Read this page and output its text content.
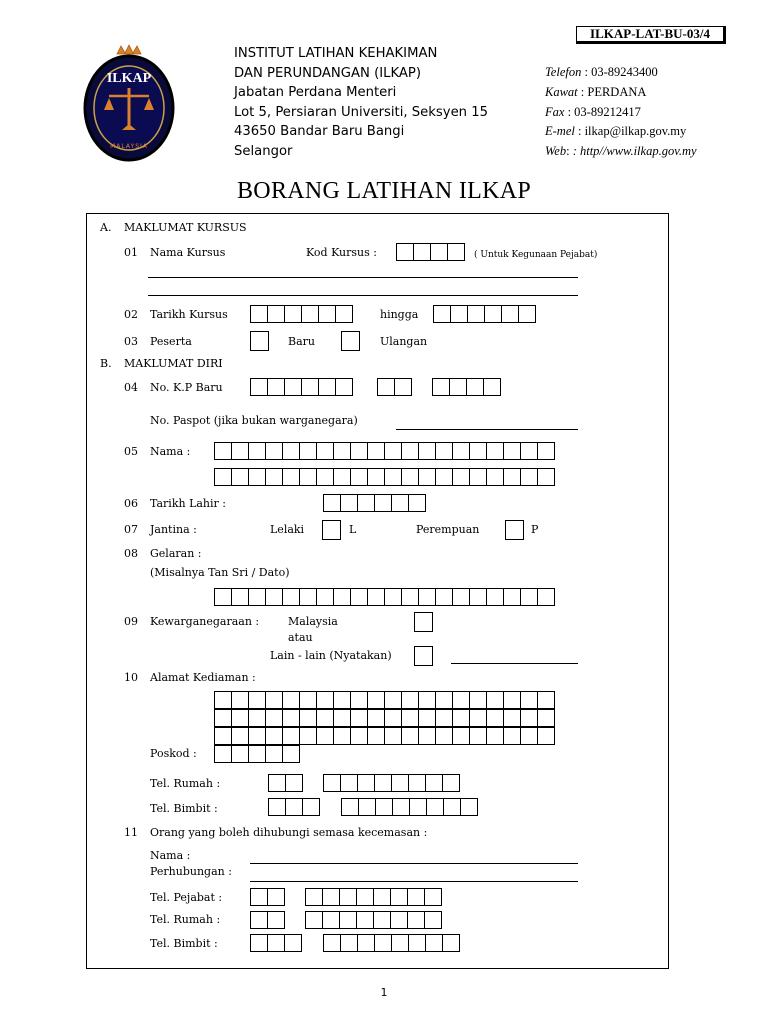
ILKAP-LAT-BU-03/4
ILKAP
MALAYSIA
INSTITUT LATIHAN KEHAKIMAN
DAN PERUNDANGAN (ILKAP)
Jabatan Perdana Menteri
Lot 5, Persiaran Universiti, Seksyen 15
43650 Bandar Baru Bangi
Selangor
Telefon : 03-89243400
Kawat : PERDANA
Fax : 03-89212417
E-mel : ilkap@ilkap.gov.my
Web: : http//www.ilkap.gov.my
BORANG LATIHAN ILKAP
A. MAKLUMAT KURSUS
01 Nama Kursus	Kod Kursus :	( Untuk Kegunaan Pejabat)
02 Tarikh Kursus	hingga
03 Peserta	Baru	Ulangan
B. MAKLUMAT DIRI
04 No. K.P Baru
No. Paspot (jika bukan warganegara)
05 Nama :
06 Tarikh Lahir :
07 Jantina :	Lelaki	L	Perempuan	P
08 Gelaran :
(Misalnya Tan Sri / Dato)
09 Kewarganegaraan :	Malaysia
atau
Lain - lain (Nyatakan)
10 Alamat Kediaman :
Poskod :
Tel. Rumah :
Tel. Bimbit :
11 Orang yang boleh dihubungi semasa kecemasan :
Nama :
Perhubungan :
Tel. Pejabat :
Tel. Rumah :
Tel. Bimbit :
1
